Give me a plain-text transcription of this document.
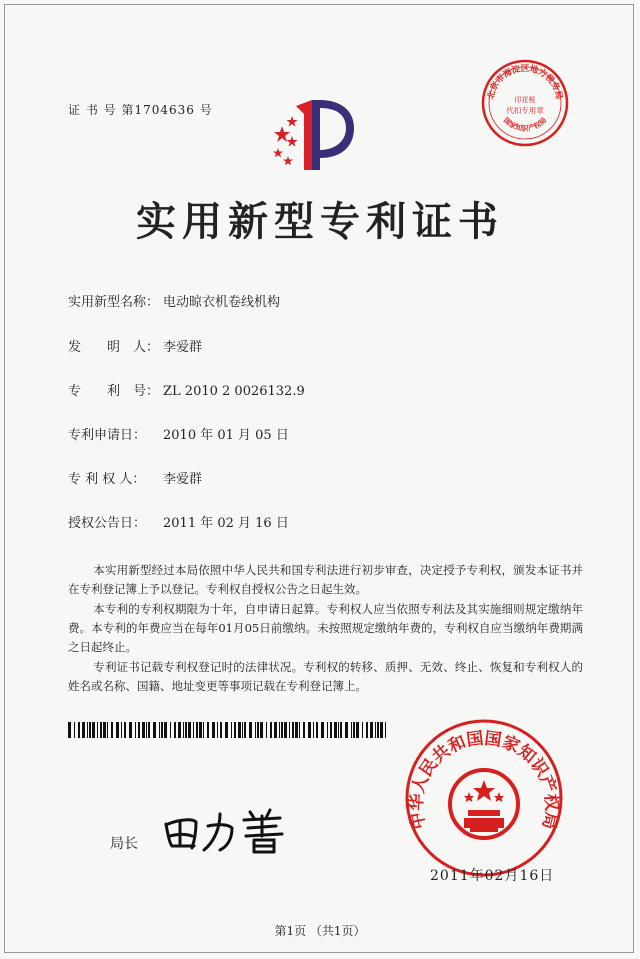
证 书 号 第1704636 号
北京市海淀区地方税务局
印花税
代扣专用章
国家知识产权局
实用新型专利证书
实用新型名称： 电动晾衣机卷线机构
发　　明　人： 李爱群
专　　利　号： ZL 2010 2 0026132.9
专利申请日： 2010 年 01 月 05 日
专 利 权 人： 李爱群
授权公告日： 2011 年 02 月 16 日
本实用新型经过本局依照中华人民共和国专利法进行初步审查，决定授予专利权，颁发本证书并在专利登记簿上予以登记。专利权自授权公告之日起生效。
本专利的专利权期限为十年，自申请日起算。专利权人应当依照专利法及其实施细则规定缴纳年费。本专利的年费应当在每年01月05日前缴纳。未按照规定缴纳年费的，专利权自应当缴纳年费期满之日起终止。
专利证书记载专利权登记时的法律状况。专利权的转移、质押、无效、终止、恢复和专利权人的姓名或名称、国籍、地址变更等事项记载在专利登记簿上。
中华人民共和国国家知识产权局
局长
2011年02月16日
第1页 （共1页）
